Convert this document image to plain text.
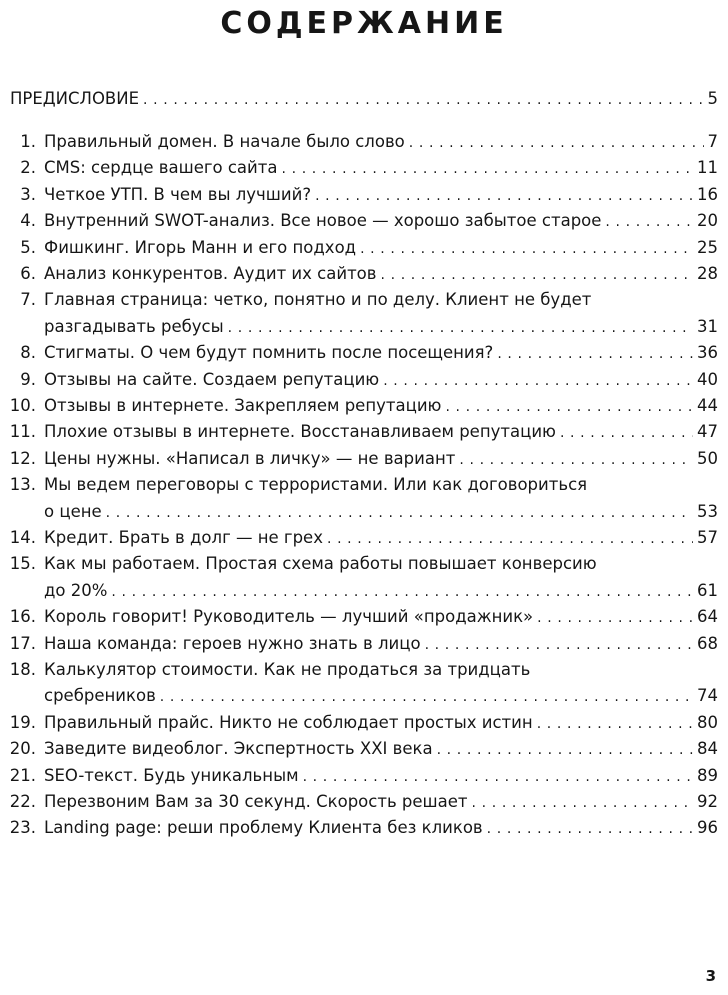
СОДЕРЖАНИЕ
ПРЕДИСЛОВИЕ . . .	5
1. Правильный домен. В начале было слово . . .	7
2. CMS: сердце вашего сайта . . .	11
3. Четкое УТП. В чем вы лучший? . . .	16
4. Внутренний SWOT-анализ. Все новое — хорошо забытое старое . . .	20
5. Фишкинг. Игорь Манн и его подход . . .	25
6. Анализ конкурентов. Аудит их сайтов . . .	28
7. Главная страница: четко, понятно и по делу. Клиент не будет
разгадывать ребусы . . .	31
8. Стигматы. О чем будут помнить после посещения? . . .	36
9. Отзывы на сайте. Создаем репутацию . . .	40
10. Отзывы в интернете. Закрепляем репутацию . . .	44
11. Плохие отзывы в интернете. Восстанавливаем репутацию . . .	47
12. Цены нужны. «Написал в личку» — не вариант . . .	50
13. Мы ведем переговоры с террористами. Или как договориться
о цене . . .	53
14. Кредит. Брать в долг — не грех . . .	57
15. Как мы работаем. Простая схема работы повышает конверсию
до 20% . . .	61
16. Король говорит! Руководитель — лучший «продажник» . . .	64
17. Наша команда: героев нужно знать в лицо . . .	68
18. Калькулятор стоимости. Как не продаться за тридцать
сребреников . . .	74
19. Правильный прайс. Никто не соблюдает простых истин . . .	80
20. Заведите видеоблог. Экспертность XXI века . . .	84
21. SEO-текст. Будь уникальным . . .	89
22. Перезвоним Вам за 30 секунд. Скорость решает . . .	92
23. Landing page: реши проблему Клиента без кликов . . .	96
3
